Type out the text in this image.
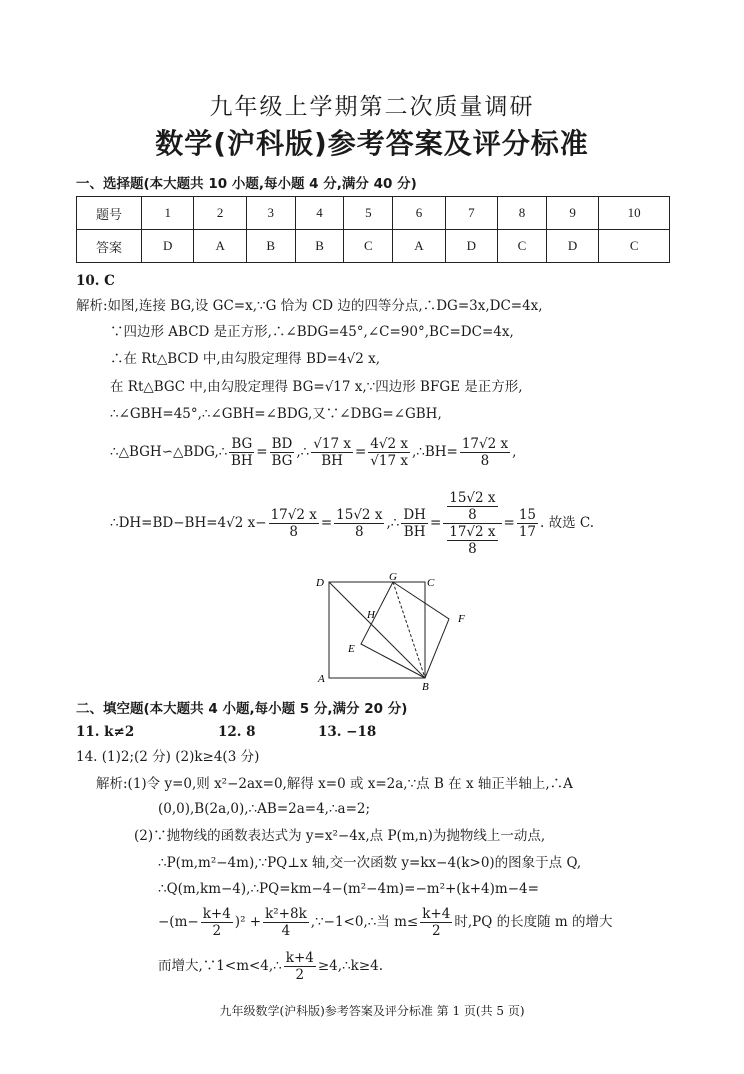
九年级上学期第二次质量调研
数学(沪科版)参考答案及评分标准
一、选择题(本大题共 10 小题,每小题 4 分,满分 40 分)
题号	1	2	3	4	5	6	7	8	9	10
答案	D	A	B	B	C	A	D	C	D	C
10. C
解析:如图,连接 BG,设 GC=x,∵G 恰为 CD 边的四等分点,∴DG=3x,DC=4x,
∵四边形 ABCD 是正方形,∴∠BDG=45°,∠C=90°,BC=DC=4x,
∴在 Rt△BCD 中,由勾股定理得 BD=4√2 x,
在 Rt△BGC 中,由勾股定理得 BG=√17 x,∵四边形 BFGE 是正方形,
∴∠GBH=45°,∴∠GBH=∠BDG,又∵∠DBG=∠GBH,
∴△BGH∽△BDG,∴ $\frac{BG}{BH} = \frac{BD}{BG}$ ,∴ $\frac{√17 x}{BH} = \frac{4√2 x}{√17 x}$ ,∴BH= $\frac{17√2 x}{8}$ ,
∴DH=BD−BH=4√2 $x- \frac{17√2 x}{8} = \frac{15√2 x}{8}$ ,∴ $\frac{DH}{BH} = \frac{\frac{15√2 x}{8}}{\frac{17√2 x}{8}} = \frac{15}{17}$ . 故选 C.
D	G	C
H	F
E
A
B
二、填空题(本大题共 4 小题,每小题 5 分,满分 20 分)
11. k≠2	12. 8	13. −18
14. (1)2;(2 分) (2)k≥4(3 分)
解析:(1)令 y=0,则 x²−2ax=0,解得 x=0 或 x=2a,∵点 B 在 x 轴正半轴上,∴A
(0,0),B(2a,0),∴AB=2a=4,∴a=2;
(2)∵抛物线的函数表达式为 y=x²−4x,点 P(m,n)为抛物线上一动点,
∴P(m,m²−4m),∵PQ⊥x 轴,交一次函数 y=kx−4(k>0)的图象于点 Q,
∴Q(m,km−4),∴PQ=km−4−(m²−4m)=−m²+(k+4)m−4=
$-(m- \frac{k+4}{2} )^2 + \frac{\text{k²+8k}}{4}$ ,∵−1<0,∴当 $m\le \frac{k+4}{2}$ 时,PQ 的长度随 m 的增大
而增大,∵1<m<4,∴ $\frac{k+4}{2}$ ≥4,∴k≥4.
九年级数学(沪科版)参考答案及评分标准 第 1 页(共 5 页)
